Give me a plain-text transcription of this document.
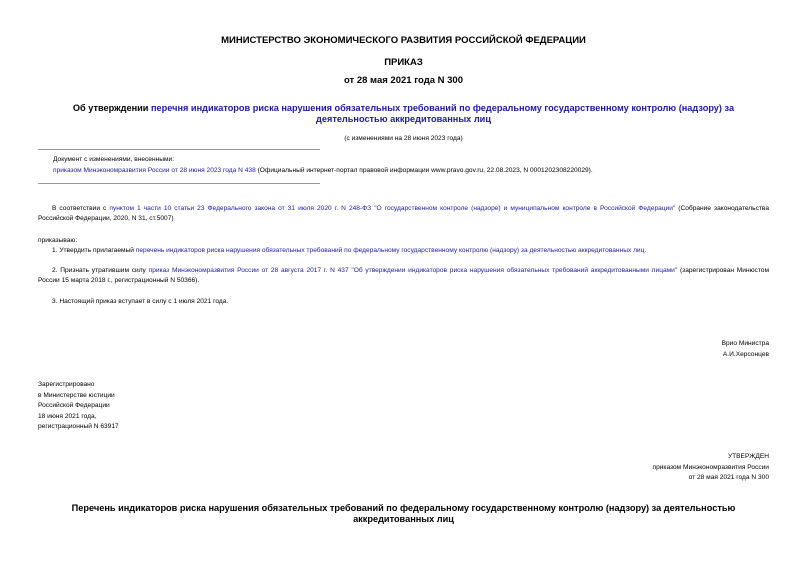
МИНИСТЕРСТВО ЭКОНОМИЧЕСКОГО РАЗВИТИЯ РОССИЙСКОЙ ФЕДЕРАЦИИ
ПРИКАЗ
от 28 мая 2021 года N 300
Об утверждении перечня индикаторов риска нарушения обязательных требований по федеральному государственному контролю (надзору) за деятельностью аккредитованных лиц
(с изменениями на 28 июня 2023 года)
Документ с изменениями, внесенными:
приказом Минэкономразвития России от 28 июня 2023 года N 438 (Официальный интернет-портал правовой информации www.pravo.gov.ru, 22.08.2023, N 0001202308220029).
В соответствии с пунктом 1 части 10 статьи 23 Федерального закона от 31 июля 2020 г. N 248-ФЗ "О государственном контроле (надзоре) и муниципальном контроле в Российской Федерации" (Собрание законодательства Российской Федерации, 2020, N 31, ст.5007)
приказываю:
1. Утвердить прилагаемый перечень индикаторов риска нарушения обязательных требований по федеральному государственному контролю (надзору) за деятельностью аккредитованных лиц.
2. Признать утратившим силу приказ Минэкономразвития России от 28 августа 2017 г. N 437 "Об утверждении индикаторов риска нарушения обязательных требований аккредитованными лицами" (зарегистрирован Минюстом России 15 марта 2018 г., регистрационный N 50366).
3. Настоящий приказ вступает в силу с 1 июля 2021 года.
Врио Министра
А.И.Херсонцев
Зарегистрировано
в Министерстве юстиции
Российской Федерации
18 июня 2021 года,
регистрационный N 63917
УТВЕРЖДЕН
приказом Минэкономразвития России
от 28 мая 2021 года N 300
Перечень индикаторов риска нарушения обязательных требований по федеральному государственному контролю (надзору) за деятельностью аккредитованных лиц
